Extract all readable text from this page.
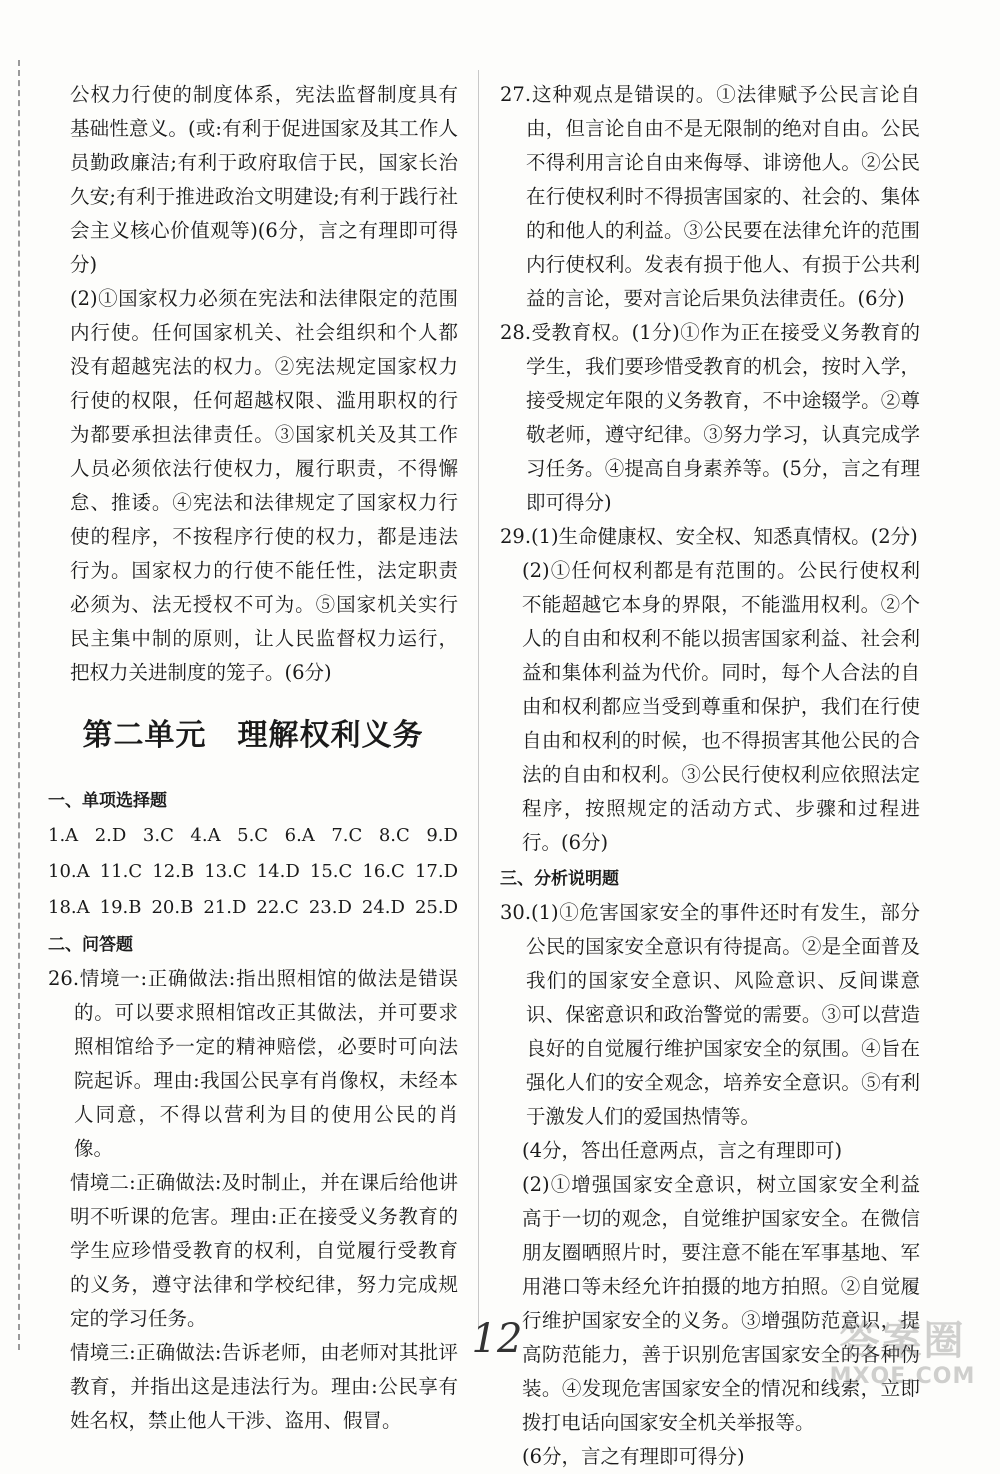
公权力行使的制度体系，宪法监督制度具有基础性意义。(或:有利于促进国家及其工作人员勤政廉洁;有利于政府取信于民，国家长治久安;有利于推进政治文明建设;有利于践行社会主义核心价值观等)(6分，言之有理即可得分)

(2)①国家权力必须在宪法和法律限定的范围内行使。任何国家机关、社会组织和个人都没有超越宪法的权力。②宪法规定国家权力行使的权限，任何超越权限、滥用职权的行为都要承担法律责任。③国家机关及其工作人员必须依法行使权力，履行职责，不得懈怠、推诿。④宪法和法律规定了国家权力行使的程序，不按程序行使的权力，都是违法行为。国家权力的行使不能任性，法定职责必须为、法无授权不可为。⑤国家机关实行民主集中制的原则，让人民监督权力运行，把权力关进制度的笼子。(6分)

第二单元　理解权利义务
一、单项选择题
1.A 2.D 3.C 4.A 5.C 6.A 7.C 8.C 9.D
10.A 11.C 12.B 13.C 14.D 15.C 16.C 17.D
18.A 19.B 20.B 21.D 22.C 23.D 24.D 25.D
二、问答题

26.情境一:正确做法:指出照相馆的做法是错误的。可以要求照相馆改正其做法，并可要求照相馆给予一定的精神赔偿，必要时可向法院起诉。理由:我国公民享有肖像权，未经本人同意，不得以营利为目的使用公民的肖像。

情境二:正确做法:及时制止，并在课后给他讲明不听课的危害。理由:正在接受义务教育的学生应珍惜受教育的权利，自觉履行受教育的义务，遵守法律和学校纪律，努力完成规定的学习任务。

情境三:正确做法:告诉老师，由老师对其批评教育，并指出这是违法行为。理由:公民享有姓名权，禁止他人干涉、盗用、假冒。

27.这种观点是错误的。①法律赋予公民言论自由，但言论自由不是无限制的绝对自由。公民不得利用言论自由来侮辱、诽谤他人。②公民在行使权利时不得损害国家的、社会的、集体的和他人的利益。③公民要在法律允许的范围内行使权利。发表有损于他人、有损于公共利益的言论，要对言论后果负法律责任。(6分)

28.受教育权。(1分)①作为正在接受义务教育的学生，我们要珍惜受教育的机会，按时入学，接受规定年限的义务教育，不中途辍学。②尊敬老师，遵守纪律。③努力学习，认真完成学习任务。④提高自身素养等。(5分，言之有理即可得分)

29.(1)生命健康权、安全权、知悉真情权。(2分)

(2)①任何权利都是有范围的。公民行使权利不能超越它本身的界限，不能滥用权利。②个人的自由和权利不能以损害国家利益、社会利益和集体利益为代价。同时，每个人合法的自由和权利都应当受到尊重和保护，我们在行使自由和权利的时候，也不得损害其他公民的合法的自由和权利。③公民行使权利应依照法定程序，按照规定的活动方式、步骤和过程进行。(6分)

三、分析说明题

30.(1)①危害国家安全的事件还时有发生，部分公民的国家安全意识有待提高。②是全面普及我们的国家安全意识、风险意识、反间谍意识、保密意识和政治警觉的需要。③可以营造良好的自觉履行维护国家安全的氛围。④旨在强化人们的安全观念，培养安全意识。⑤有利于激发人们的爱国热情等。

(4分，答出任意两点，言之有理即可)

(2)①增强国家安全意识，树立国家安全利益高于一切的观念，自觉维护国家安全。在微信朋友圈晒照片时，要注意不能在军事基地、军用港口等未经允许拍摄的地方拍照。②自觉履行维护国家安全的义务。③增强防范意识，提高防范能力，善于识别危害国家安全的各种伪装。④发现危害国家安全的情况和线索，立即拨打电话向国家安全机关举报等。

(6分，言之有理即可得分)

12	答案圈
MXQE.COM
